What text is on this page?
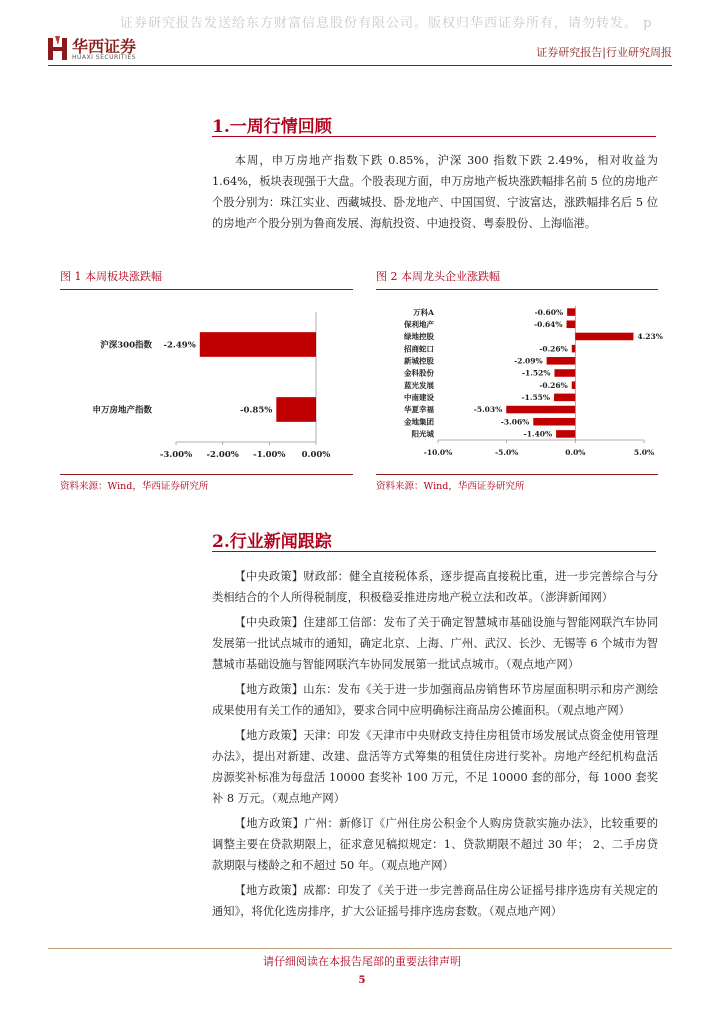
证券研究报告发送给东方财富信息股份有限公司。版权归华西证券所有，请勿转发。 p
华西证券
HUAXI SECURITIES	证券研究报告|行业研究周报
1.一周行情回顾

本周，申万房地产指数下跌 0.85%，沪深 300 指数下跌 2.49%，相对收益为 1.64%，板块表现强于大盘。个股表现方面，申万房地产板块涨跌幅排名前 5 位的房地产个股分别为：珠江实业、西藏城投、卧龙地产、中国国贸、宁波富达，涨跌幅排名后 5 位的房地产个股分别为鲁商发展、海航投资、中迪投资、粤泰股份、上海临港。

图 1 本周板块涨跌幅
-3.00% -2.00% -1.00% 0.00%
沪深300指数 -2.49%
申万房地产指数	-0.85%
资料来源：Wind，华西证券研究所
图 2 本周龙头企业涨跌幅
-10.0%	-5.0%	0.0%	5.0%
万科A	-0.60%
保利地产	-0.64%
绿地控股	4.23%
招商蛇口	-0.26%
新城控股	-2.09%
金科股份	-1.52%
蓝光发展	-0.26%
中南建设	-1.55%
华夏幸福	-5.03%
金地集团	-3.06%
阳光城	-1.40%
资料来源：Wind，华西证券研究所
2.行业新闻跟踪

【中央政策】财政部：健全直接税体系，逐步提高直接税比重，进一步完善综合与分类相结合的个人所得税制度，积极稳妥推进房地产税立法和改革。（澎湃新闻网）

【中央政策】住建部工信部：发布了关于确定智慧城市基础设施与智能网联汽车协同发展第一批试点城市的通知，确定北京、上海、广州、武汉、长沙、无锡等 6 个城市为智慧城市基础设施与智能网联汽车协同发展第一批试点城市。（观点地产网）

【地方政策】山东：发布《关于进一步加强商品房销售环节房屋面积明示和房产测绘成果使用有关工作的通知》，要求合同中应明确标注商品房公摊面积。（观点地产网）

【地方政策】天津：印发《天津市中央财政支持住房租赁市场发展试点资金使用管理办法》，提出对新建、改建、盘活等方式筹集的租赁住房进行奖补。房地产经纪机构盘活房源奖补标准为每盘活 10000 套奖补 100 万元，不足 10000 套的部分，每 1000 套奖补 8 万元。（观点地产网）

【地方政策】广州：新修订《广州住房公积金个人购房贷款实施办法》，比较重要的调整主要在贷款期限上，征求意见稿拟规定：1、贷款期限不超过 30 年； 2、二手房贷款期限与楼龄之和不超过 50 年。（观点地产网）

【地方政策】成都：印发了《关于进一步完善商品住房公证摇号排序选房有关规定的通知》，将优化选房排序，扩大公证摇号排序选房套数。（观点地产网）

请仔细阅读在本报告尾部的重要法律声明
5
